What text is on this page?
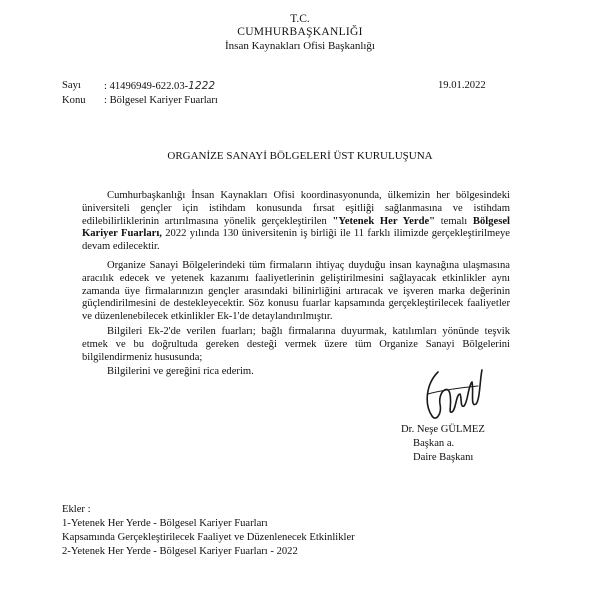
T.C.
CUMHURBAŞKANLIĞI
İnsan Kaynakları Ofisi Başkanlığı
Sayı : 41496949-622.03-1222	19.01.2022
Konu : Bölgesel Kariyer Fuarları
ORGANİZE SANAYİ BÖLGELERİ ÜST KURULUŞUNA

Cumhurbaşkanlığı İnsan Kaynakları Ofisi koordinasyonunda, ülkemizin her bölgesindeki üniversiteli gençler için istihdam konusunda fırsat eşitliği sağlanmasına ve istihdam edilebilirliklerinin artırılmasına yönelik gerçekleştirilen "Yetenek Her Yerde" temalı Bölgesel Kariyer Fuarları, 2022 yılında 130 üniversitenin iş birliği ile 11 farklı ilimizde gerçekleştirilmeye devam edilecektir.

Organize Sanayi Bölgelerindeki tüm firmaların ihtiyaç duyduğu insan kaynağına ulaşmasına aracılık edecek ve yetenek kazanımı faaliyetlerinin geliştirilmesini sağlayacak etkinlikler aynı zamanda üye firmalarınızın gençler arasındaki bilinirliğini artıracak ve işveren marka değerinin güçlendirilmesini de destekleyecektir. Söz konusu fuarlar kapsamında gerçekleştirilecek faaliyetler ve düzenlenebilecek etkinlikler Ek-1'de detaylandırılmıştır.

Bilgileri Ek-2'de verilen fuarları; bağlı firmalarına duyurmak, katılımları yönünde teşvik etmek ve bu doğrultuda gereken desteği vermek üzere tüm Organize Sanayi Bölgelerini bilgilendirmeniz hususunda;

Bilgilerini ve gereğini rica ederim.

Dr. Neşe GÜLMEZ
Başkan a.
Daire Başkanı
Ekler :
1-Yetenek Her Yerde - Bölgesel Kariyer Fuarları
Kapsamında Gerçekleştirilecek Faaliyet ve Düzenlenecek Etkinlikler
2-Yetenek Her Yerde - Bölgesel Kariyer Fuarları - 2022
